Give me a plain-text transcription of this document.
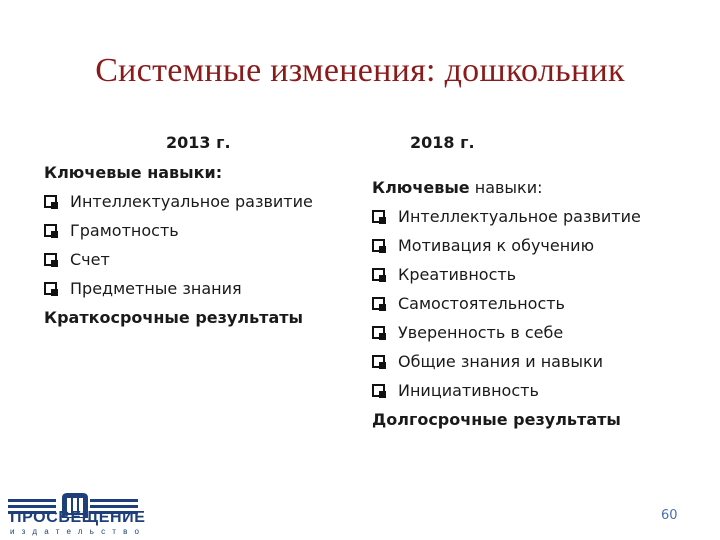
Системные изменения: дошкольник
2013 г.	2018 г.
Ключевые навыки:
Интеллектуальное развитие
Грамотность
Счет
Предметные знания
Краткосрочные результаты
Ключевые навыки:
Интеллектуальное развитие
Мотивация к обучению
Креативность
Самостоятельность
Уверенность в себе
Общие знания и навыки
Инициативность
Долгосрочные результаты
ПРОСВЕЩЕНИЕ
издательство
60
